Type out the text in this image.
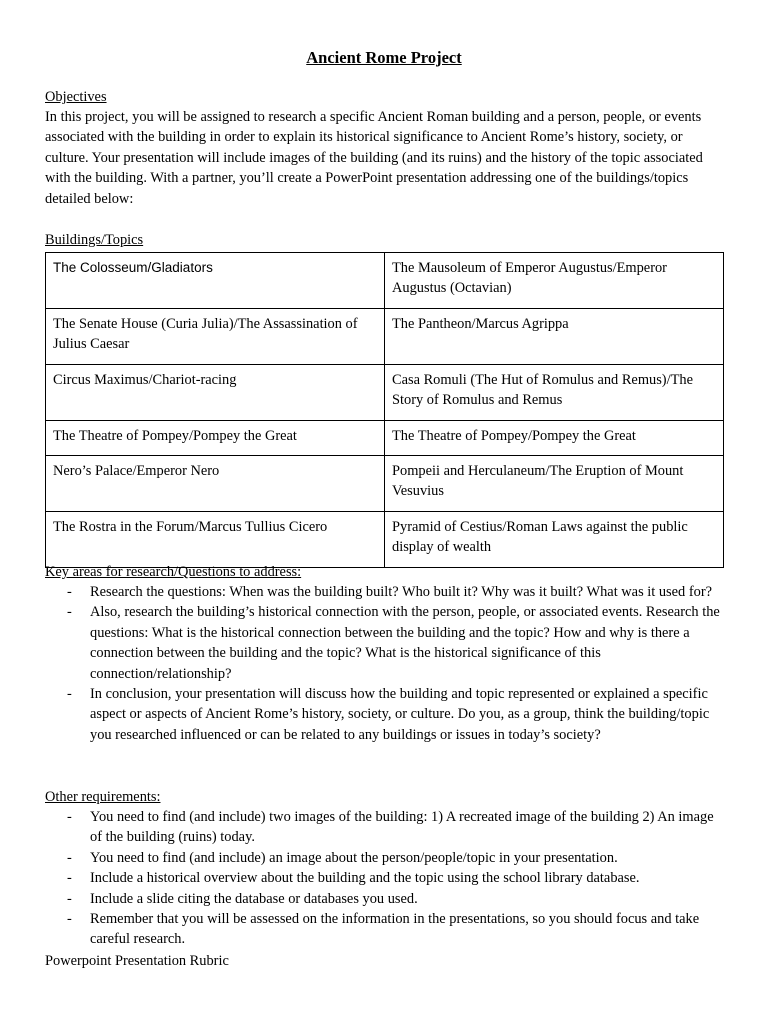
Ancient Rome Project
Objectives
In this project, you will be assigned to research a specific Ancient Roman building and a person, people, or events associated with the building in order to explain its historical significance to Ancient Rome’s history, society, or culture. Your presentation will include images of the building (and its ruins) and the history of the topic associated with the building. With a partner, you’ll create a PowerPoint presentation addressing one of the buildings/topics detailed below:
Buildings/Topics
The Colosseum/Gladiators	The Mausoleum of Emperor Augustus/Emperor Augustus (Octavian)
The Senate House (Curia Julia)/The Assassination of Julius Caesar	The Pantheon/Marcus Agrippa
Circus Maximus/Chariot-racing	Casa Romuli (The Hut of Romulus and Remus)/The Story of Romulus and Remus
The Theatre of Pompey/Pompey the Great	The Theatre of Pompey/Pompey the Great
Nero’s Palace/Emperor Nero	Pompeii and Herculaneum/The Eruption of Mount Vesuvius
The Rostra in the Forum/Marcus Tullius Cicero	Pyramid of Cestius/Roman Laws against the public display of wealth
Key areas for research/Questions to address:
- Research the questions: When was the building built? Who built it? Why was it built? What was it used for?
- Also, research the building’s historical connection with the person, people, or associated events. Research the questions: What is the historical connection between the building and the topic? How and why is there a connection between the building and the topic? What is the historical significance of this connection/relationship?
- In conclusion, your presentation will discuss how the building and topic represented or explained a specific aspect or aspects of Ancient Rome’s history, society, or culture. Do you, as a group, think the building/topic you researched influenced or can be related to any buildings or issues in today’s society?
Other requirements:
- You need to find (and include) two images of the building: 1) A recreated image of the building 2) An image of the building (ruins) today.
- You need to find (and include) an image about the person/people/topic in your presentation.
- Include a historical overview about the building and the topic using the school library database.
- Include a slide citing the database or databases you used.
- Remember that you will be assessed on the information in the presentations, so you should focus and take careful research.
Powerpoint Presentation Rubric
